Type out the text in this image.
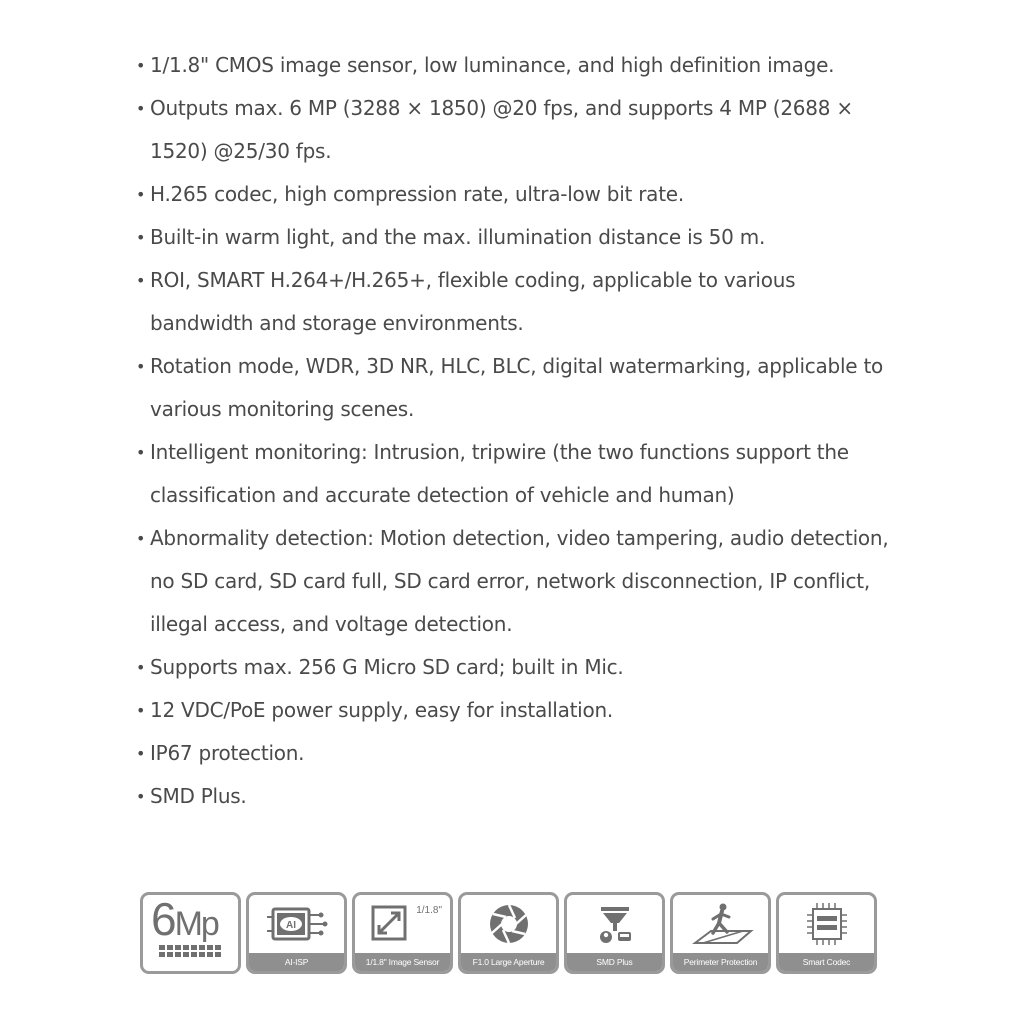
• 1/1.8" CMOS image sensor, low luminance, and high definition image.
• Outputs max. 6 MP (3288 × 1850) @20 fps, and supports 4 MP (2688 × 1520) @25/30 fps.
• H.265 codec, high compression rate, ultra-low bit rate.
• Built-in warm light, and the max. illumination distance is 50 m.
• ROI, SMART H.264+/H.265+, flexible coding, applicable to various bandwidth and storage environments.
• Rotation mode, WDR, 3D NR, HLC, BLC, digital watermarking, applicable to various monitoring scenes.
• Intelligent monitoring: Intrusion, tripwire (the two functions support the classification and accurate detection of vehicle and human)
• Abnormality detection: Motion detection, video tampering, audio detection, no SD card, SD card full, SD card error, network disconnection, IP conflict, illegal access, and voltage detection.
• Supports max. 256 G Micro SD card; built in Mic.
• 12 VDC/PoE power supply, easy for installation.
• IP67 protection.
• SMD Plus.
6Mp	AI
AI-ISP
1/1.8"
1/1.8" Image Sensor	F1.0 Large Aperture	SMD Plus	Perimeter Protection	Smart Codec
